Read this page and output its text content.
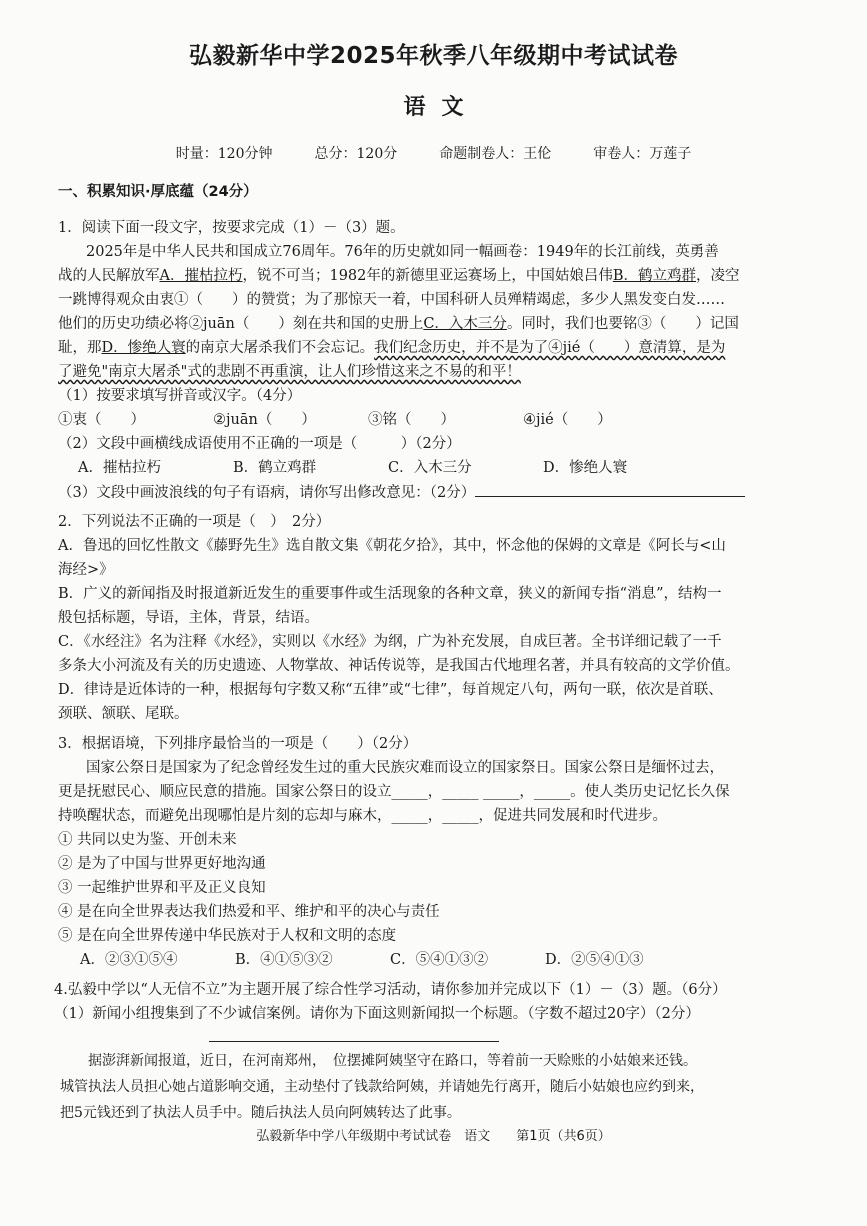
弘毅新华中学2025年秋季八年级期中考试试卷
语文
时量：120分钟	总分：120分	命题制卷人：王伦	审卷人：万莲子
一、积累知识·厚底蕴（24分）
1．阅读下面一段文字，按要求完成（1）－（3）题。
2025年是中华人民共和国成立76周年。76年的历史就如同一幅画卷：1949年的长江前线，英勇善
战的人民解放军A．摧枯拉朽，锐不可当；1982年的新德里亚运赛场上，中国姑娘吕伟B．鹤立鸡群，凌空
一跳博得观众由衷①（　　）的赞赏；为了那惊天一着，中国科研人员殚精竭虑，多少人黑发变白发……
他们的历史功绩必将②juān（　　）刻在共和国的史册上C．入木三分。同时，我们也要铭③（　　）记国
耻，那D．惨绝人寰的南京大屠杀我们不会忘记。我们纪念历史，并不是为了④jié（　　）意清算，是为
了避免"南京大屠杀"式的悲剧不再重演，让人们珍惜这来之不易的和平！
（1）按要求填写拼音或汉字。（4分）
①衷（　　）	②juān（　　）	③铭（　　）	④jié（　　）
（2）文段中画横线成语使用不正确的一项是（　　　）（2分）
A．摧枯拉朽	B．鹤立鸡群	C．入木三分	D．惨绝人寰
（3）文段中画波浪线的句子有语病，请你写出修改意见：（2分）
2．下列说法不正确的一项是（　）　2分）
A．鲁迅的回忆性散文《藤野先生》选自散文集《朝花夕拾》，其中，怀念他的保姆的文章是《阿长与<山
海经>》
B．广义的新闻指及时报道新近发生的重要事件或生活现象的各种文章，狭义的新闻专指“消息”，结构一
般包括标题，导语，主体，背景，结语。
C．《水经注》名为注释《水经》，实则以《水经》为纲，广为补充发展，自成巨著。全书详细记载了一千
多条大小河流及有关的历史遗迹、人物掌故、神话传说等，是我国古代地理名著，并具有较高的文学价值。
D．律诗是近体诗的一种，根据每句字数又称“五律”或“七律”，每首规定八句，两句一联，依次是首联、
颈联、颔联、尾联。
3．根据语境，下列排序最恰当的一项是（　　）（2分）
国家公祭日是国家为了纪念曾经发生过的重大民族灾难而设立的国家祭日。国家公祭日是缅怀过去，
更是抚慰民心、顺应民意的措施。国家公祭日的设立_____，_____ _____，_____。使人类历史记忆长久保
持唤醒状态，而避免出现哪怕是片刻的忘却与麻木，_____，_____，促进共同发展和时代进步。
① 共同以史为鉴、开创未来
② 是为了中国与世界更好地沟通
③ 一起维护世界和平及正义良知
④ 是在向全世界表达我们热爱和平、维护和平的决心与责任
⑤ 是在向全世界传递中华民族对于人权和文明的态度
A．②③①⑤④	B．④①⑤③②	C．⑤④①③②	D．②⑤④①③
4.弘毅中学以“人无信不立”为主题开展了综合性学习活动，请你参加并完成以下（1）－（3）题。（6分）
（1）新闻小组搜集到了不少诚信案例。请你为下面这则新闻拟一个标题。（字数不超过20字）（2分）
据澎湃新闻报道，近日，在河南郑州，　位摆摊阿姨坚守在路口，等着前一天赊账的小姑娘来还钱。
城管执法人员担心她占道影响交通，主动垫付了钱款给阿姨，并请她先行离开，随后小姑娘也应约到来，
把5元钱还到了执法人员手中。随后执法人员向阿姨转达了此事。
弘毅新华中学八年级期中考试试卷　语文　　第1页（共6页）
